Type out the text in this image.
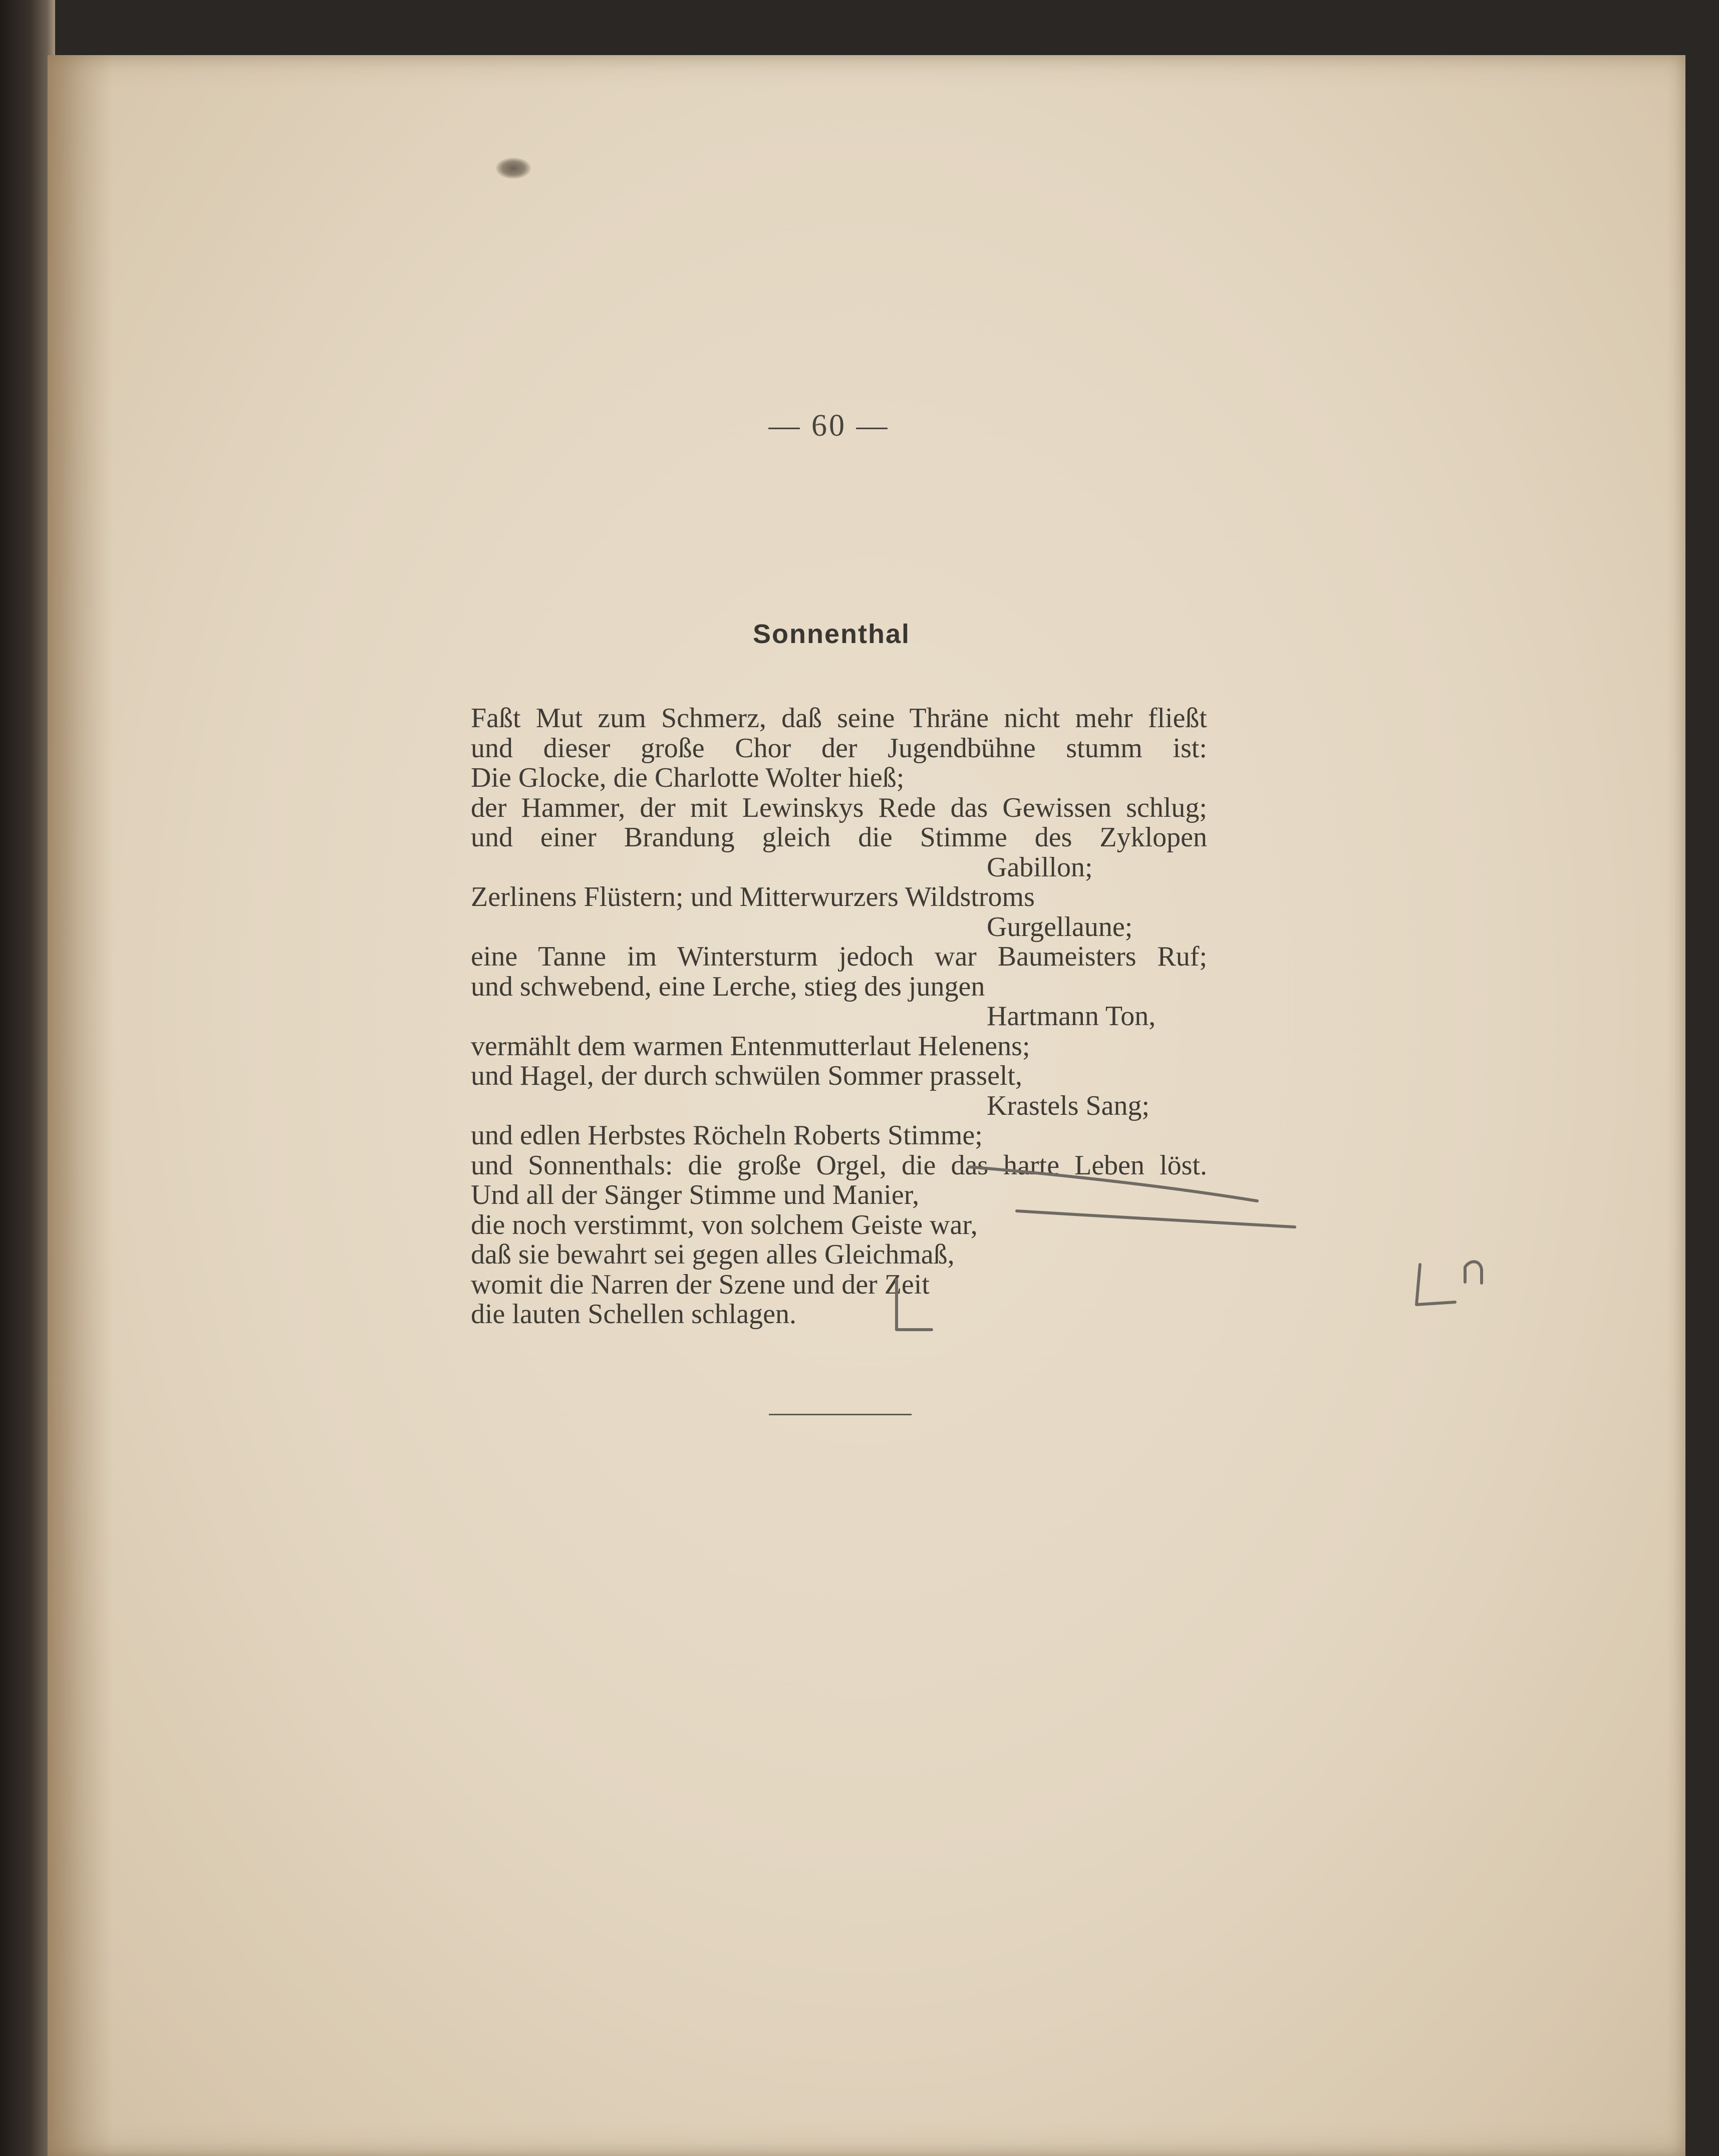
— 60 —
Sonnenthal
Faßt Mut zum Schmerz, daß seine Thräne nicht mehr fließt
und dieser große Chor der Jugendbühne stumm ist:
Die Glocke, die Charlotte Wolter hieß;
der Hammer, der mit Lewinskys Rede das Gewissen schlug;
und einer Brandung gleich die Stimme des Zyklopen
Gabillon;
Zerlinens Flüstern; und Mitterwurzers Wildstroms
Gurgellaune;
eine Tanne im Wintersturm jedoch war Baumeisters Ruf;
und schwebend, eine Lerche, stieg des jungen
Hartmann Ton,
vermählt dem warmen Entenmutterlaut Helenens;
und Hagel, der durch schwülen Sommer prasselt,
Krastels Sang;
und edlen Herbstes Röcheln Roberts Stimme;
und Sonnenthals: die große Orgel, die das harte Leben löst.
Und all der Sänger Stimme und Manier,
die noch verstimmt, von solchem Geiste war,
daß sie bewahrt sei gegen alles Gleichmaß,
womit die Narren der Szene und der Zeit
die lauten Schellen schlagen.
